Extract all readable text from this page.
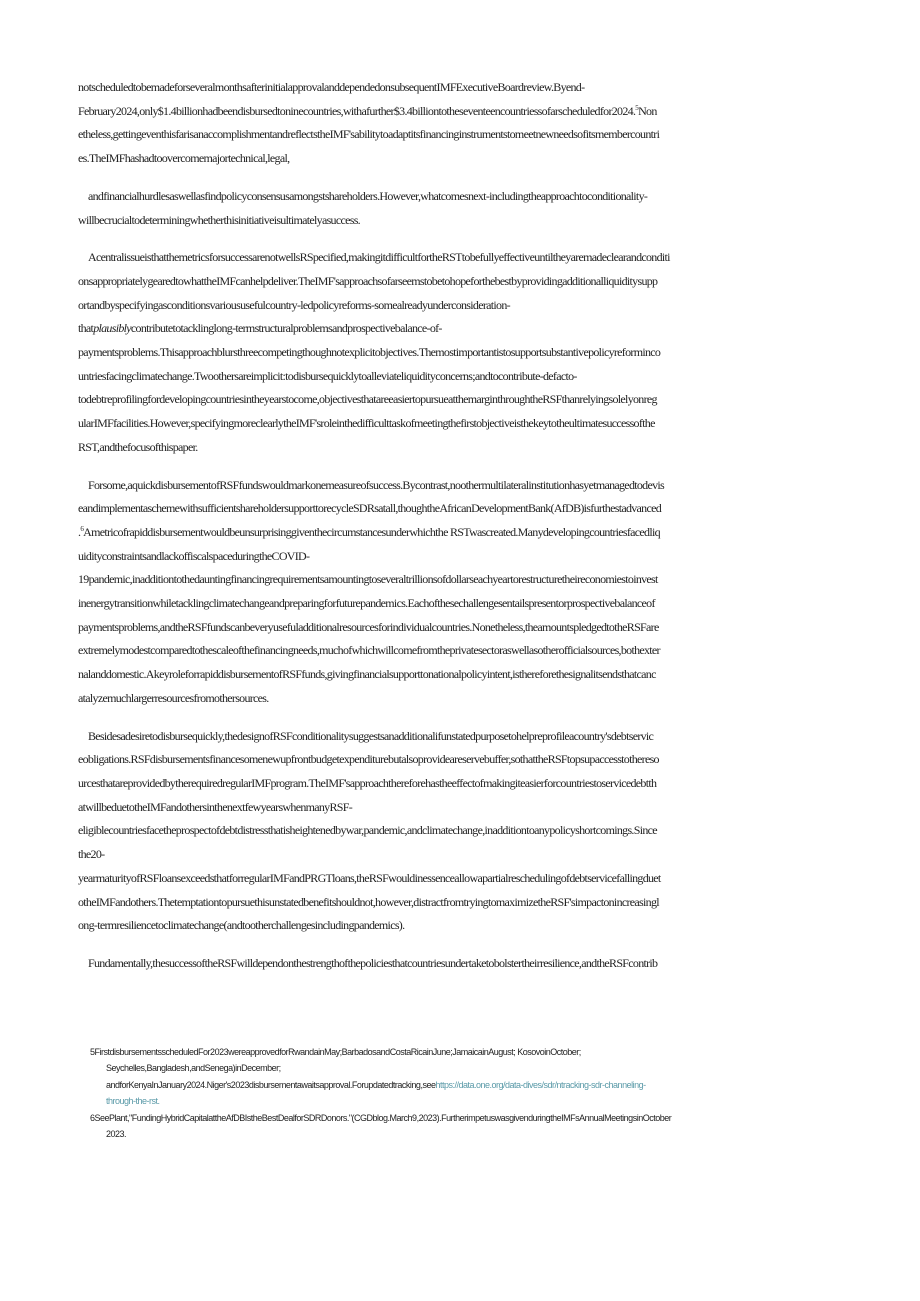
notscheduledtobemadeforseveralmonthsafterinitialapprovalanddependedonsubsequentIMFExecutiveBoardreview.Byend-
February2024,only$1.4billionhadbeendisbursedtoninecountries,withafurther$3.4billiontotheseventeencountriessofarscheduledfor2024.$^5$Non
etheless,gettingeventhisfarisanaccomplishmentandreflectstheIMF'sabilitytoadaptitsfinancinginstrumentstomeetnewneedsofitsmembercountri
es.TheIMFhashadtoovercomemajortechnical,legal,
andfinancialhurdlesaswellasfindpolicyconsensusamongstshareholders.However,whatcomesnext-includingtheapproachtoconditionality-
willbecrucialtodeterminingwhetherthisinitiativeisultimatelyasuccess.
AcentralissueisthatthemetricsforsuccessarenotwellsRSpecified,makingitdifficultfortheRSTtobefullyeffectiveuntiltheyaremadeclearandconditi
onsappropriatelygearedtowhattheIMFcanhelpdeliver.TheIMF'sapproachsofarseemstobetohopeforthebestbyprovidingadditionalliquiditysupp
ortandbyspecifyingasconditionsvarioususefulcountry-ledpolicyreforms-somealreadyunderconsideration-
thatplausiblycontributetotacklinglong-termstructuralproblemsandprospectivebalance-of-
paymentsproblems.Thisapproachblursthreecompetingthoughnotexplicitobjectives.Themostimportantistosupportsubstantivepolicyreforminco
untriesfacingclimatechange.Twoothersareimplicit:todisbursequicklytoalleviateliquidityconcerns;andtocontribute-defacto-
todebtreprofilingfordevelopingcountriesintheyearstocome,objectivesthatareeasiertopursueatthemarginthroughtheRSFthanrelyingsolelyonreg
ularIMFfacilities.However,specifyingmoreclearlytheIMF'sroleinthedifficulttaskofmeetingthefirstobjectiveisthekeytotheultimatesuccessofthe
RST,andthefocusofthispaper.
Forsome,aquickdisbursementofRSFfundswouldmarkonemeasureofsuccess.Bycontrast,noothermultilateralinstitutionhasyetmanagedtodevis
eandimplementaschemewithsufficientshareholdersupporttorecycleSDRsatall,thoughtheAfricanDevelopmentBank(AfDB)isfurthestadvanced
.$^6$Ametricofrapiddisbursementwouldbeunsurprisinggiventhecircumstancesunderwhichthe RSTwascreated.Manydevelopingcountriesfacedliq
uidityconstraintsandlackoffiscalspaceduringtheCOVID-
19pandemic,inadditiontothedauntingfinancingrequirementsamountingtoseveraltrillionsofdollarseachyeartorestructuretheireconomiestoinvest
inenergytransitionwhiletacklingclimatechangeandpreparingforfuturepandemics.Eachofthesechallengesentailspresentorprospectivebalanceof
paymentsproblems,andtheRSFfundscanbeveryusefuladditionalresourcesforindividualcountries.Nonetheless,theamountspledgedtotheRSFare
extremelymodestcomparedtothescaleofthefinancingneeds,muchofwhichwillcomefromtheprivatesectoraswellasotherofficialsources,bothexter
nalanddomestic.AkeyroleforrapiddisbursementofRSFfunds,givingfinancialsupporttonationalpolicyintent,isthereforethesignalitsendsthatcanc
atalyzemuchlargerresourcesfromothersources.
Besidesadesiretodisbursequickly,thedesignofRSFconditionalitysuggestsanadditionalifunstatedpurposetohelpreprofileacountry'sdebtservic
eobligations.RSFdisbursementsfinancesomenewupfrontbudgetexpenditurebutalsoprovideareservebuffer,sothattheRSFtopsupaccesstothereso
urcesthatareprovidedbytherequiredregularIMFprogram.TheIMF'sapproachthereforehastheeffectofmakingiteasierforcountriestoservicedebtth
atwillbeduetotheIMFandothersinthenextfewyearswhenmanyRSF-
eligiblecountriesfacetheprospectofdebtdistressthatisheightenedbywar,pandemic,andclimatechange,inadditiontoanypolicyshortcomings.Since
the20-
yearmaturityofRSFloansexceedsthatforregularIMFandPRGTloans,theRSFwouldinessenceallowapartialreschedulingofdebtservicefallingduet
otheIMFandothers.Thetemptationtopursuethisunstatedbenefitshouldnot,however,distractfromtryingtomaximizetheRSF'simpactonincreasingl
ong-termresiliencetoclimatechange(andtootherchallengesincludingpandemics).
Fundamentally,thesuccessoftheRSFwilldependonthestrengthofthepoliciesthatcountriesundertaketobolstertheirresilience,andtheRSFcontrib
5FirstdisbursementsscheduledFor2023wereapprovedforRwandainMay;BarbadosandCostaRicainJune;JamaicainAugust; KosovoinOctober;
Seychelles,Bangladesh,andSenega)inDecember;
andforKenyaInJanuary2024.Niger's2023disbursementawaitsapproval.Forupdatedtracking,seehttps://data.one.org/data-dives/sdr/ntracking-sdr-channeling-
through-the-rst.
6SeePlant,"FundingHybridCapitalattheAfDBIstheBestDealforSDRDonors."(CGDblog.March9,2023).FurtherimpetuswasgivenduringtheIMFsAnnualMeetingsinOctober
2023.
